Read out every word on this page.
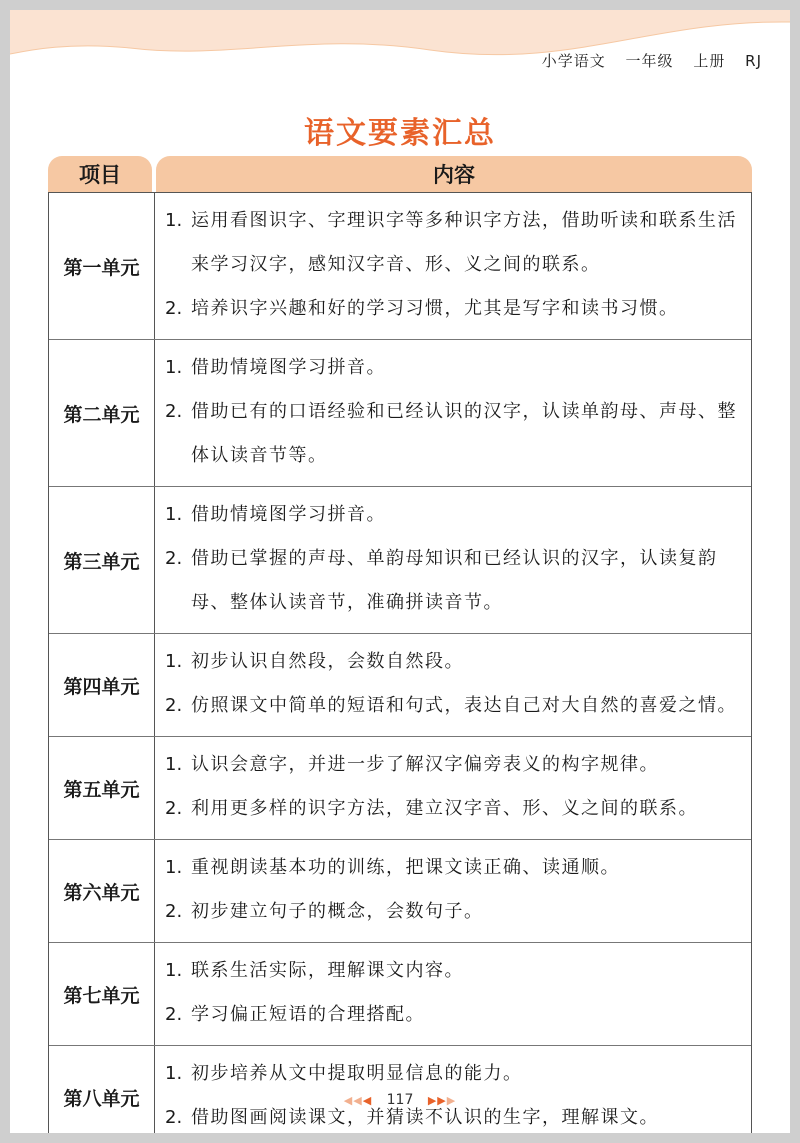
小学语文 一年级 上册 RJ
语文要素汇总
项目	内容
第一单元
1. 运用看图识字、字理识字等多种识字方法，借助听读和联系生活来学习汉字，感知汉字音、形、义之间的联系。
2. 培养识字兴趣和好的学习习惯，尤其是写字和读书习惯。
第二单元
1. 借助情境图学习拼音。
2. 借助已有的口语经验和已经认识的汉字，认读单韵母、声母、整体认读音节等。
第三单元
1. 借助情境图学习拼音。
2. 借助已掌握的声母、单韵母知识和已经认识的汉字，认读复韵母、整体认读音节，准确拼读音节。
第四单元
1. 初步认识自然段，会数自然段。
2. 仿照课文中简单的短语和句式，表达自己对大自然的喜爱之情。
第五单元
1. 认识会意字，并进一步了解汉字偏旁表义的构字规律。
2. 利用更多样的识字方法，建立汉字音、形、义之间的联系。
第六单元
1. 重视朗读基本功的训练，把课文读正确、读通顺。
2. 初步建立句子的概念，会数句子。
第七单元
1. 联系生活实际，理解课文内容。
2. 学习偏正短语的合理搭配。
第八单元
1. 初步培养从文中提取明显信息的能力。
2. 借助图画阅读课文，并猜读不认识的生字，理解课文。
◀◀◀ 117 ▶▶▶
